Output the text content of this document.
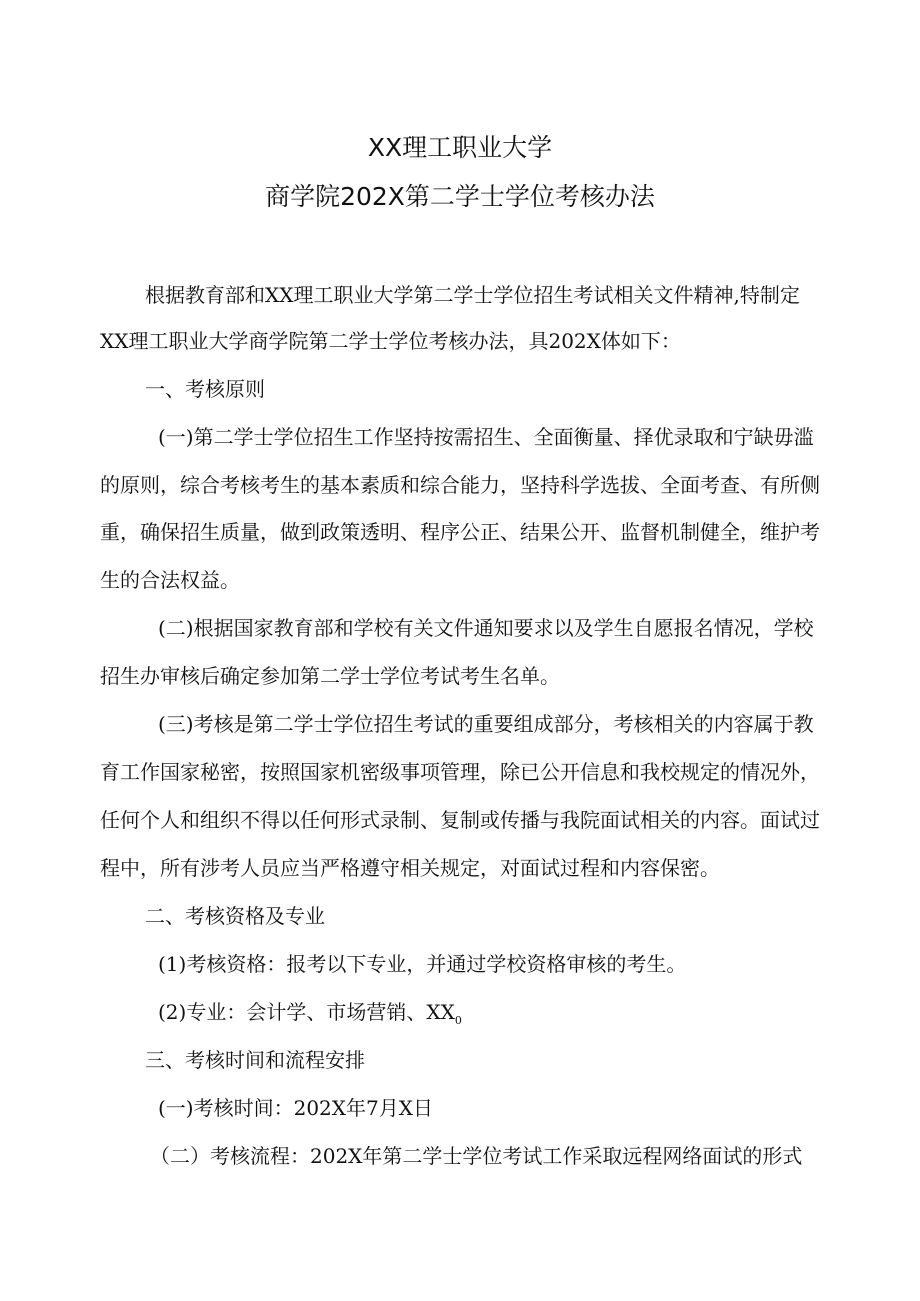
XX理工职业大学
商学院202X第二学士学位考核办法
根据教育部和XX理工职业大学第二学士学位招生考试相关文件精神,特制定
XX理工职业大学商学院第二学士学位考核办法，具202X体如下：
一、考核原则
(一)第二学士学位招生工作坚持按需招生、全面衡量、择优录取和宁缺毋滥
的原则，综合考核考生的基本素质和综合能力，坚持科学选拔、全面考查、有所侧
重，确保招生质量，做到政策透明、程序公正、结果公开、监督机制健全，维护考
生的合法权益。
(二)根据国家教育部和学校有关文件通知要求以及学生自愿报名情况，学校
招生办审核后确定参加第二学士学位考试考生名单。
(三)考核是第二学士学位招生考试的重要组成部分，考核相关的内容属于教
育工作国家秘密，按照国家机密级事项管理，除已公开信息和我校规定的情况外，
任何个人和组织不得以任何形式录制、复制或传播与我院面试相关的内容。面试过
程中，所有涉考人员应当严格遵守相关规定，对面试过程和内容保密。
二、考核资格及专业
(1)考核资格：报考以下专业，并通过学校资格审核的考生。
(2)专业：会计学、市场营销、$XX_0$
三、考核时间和流程安排
(一)考核时间：202X年7月X日
（二）考核流程：202X年第二学士学位考试工作采取远程网络面试的形式
